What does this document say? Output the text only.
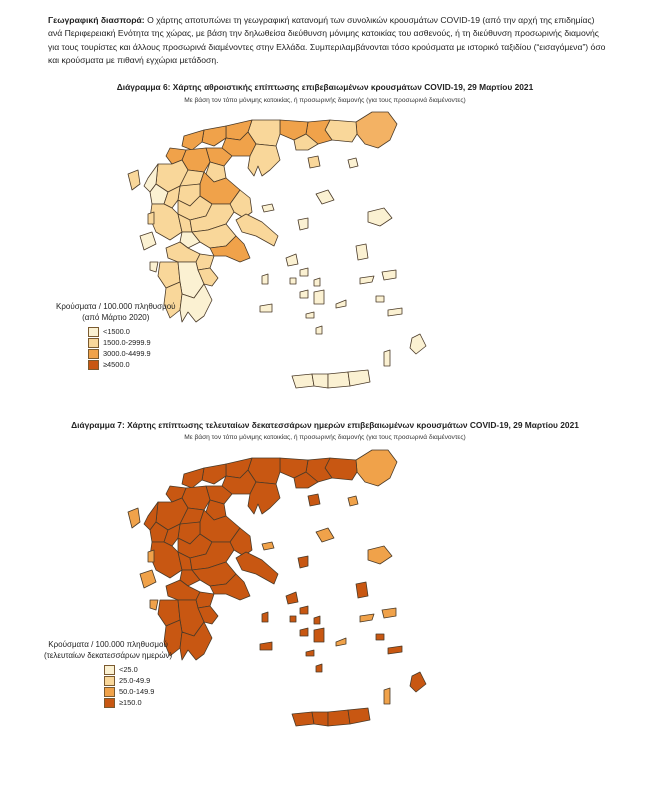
Γεωγραφική διασπορά: Ο χάρτης αποτυπώνει τη γεωγραφική κατανομή των συνολικών κρουσμάτων COVID-19 (από την αρχή της επιδημίας) ανά Περιφερειακή Ενότητα της χώρας, με βάση την δηλωθείσα διεύθυνση μόνιμης κατοικίας του ασθενούς, ή τη διεύθυνση προσωρινής διαμονής για τους τουρίστες και άλλους προσωρινά διαμένοντες στην Ελλάδα. Συμπεριλαμβάνονται τόσο κρούσματα με ιστορικό ταξιδίου (“εισαγόμενα”) όσο και κρούσματα με πιθανή εγχώρια μετάδοση.
Διάγραμμα 6: Χάρτης αθροιστικής επίπτωσης επιβεβαιωμένων κρουσμάτων COVID-19, 29 Μαρτίου 2021
Με βάση τον τόπο μόνιμης κατοικίας, ή προσωρινής διαμονής (για τους προσωρινά διαμένοντες)
Κρούσματα / 100.000 πληθυσμού
(από Μάρτιο 2020)
<1500.0
1500.0-2999.9
3000.0-4499.9
≥4500.0
Διάγραμμα 7: Χάρτης επίπτωσης τελευταίων δεκατεσσάρων ημερών επιβεβαιωμένων κρουσμάτων COVID-19, 29 Μαρτίου 2021
Με βάση τον τόπο μόνιμης κατοικίας, ή προσωρινής διαμονής (για τους προσωρινά διαμένοντες)
Κρούσματα / 100.000 πληθυσμού
(τελευταίων δεκατεσσάρων ημερών)
<25.0
25.0-49.9
50.0-149.9
≥150.0
